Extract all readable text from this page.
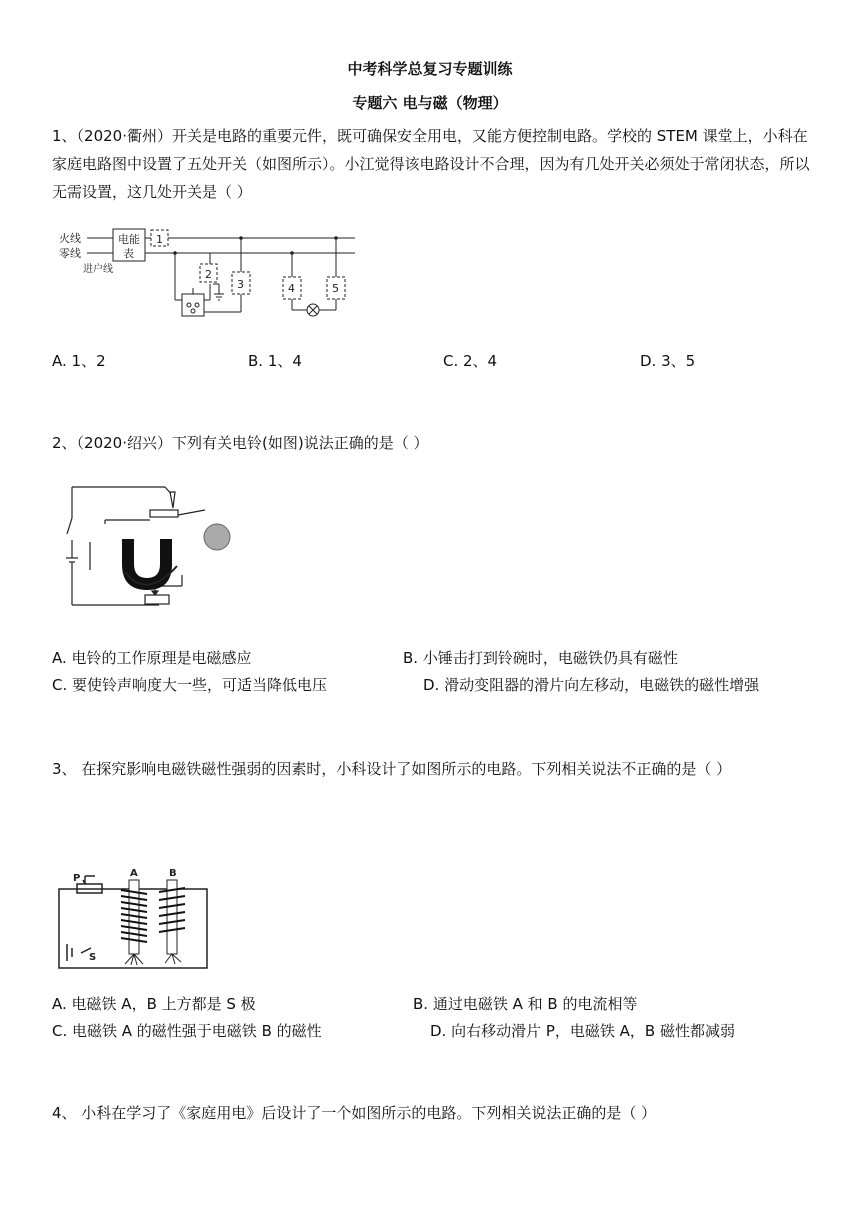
中考科学总复习专题训练
专题六 电与磁（物理）
1、（2020·衢州）开关是电路的重要元件，既可确保安全用电，又能方便控制电路。学校的 STEM 课堂上，小科在家庭电路图中设置了五处开关（如图所示）。小江觉得该电路设计不合理，因为有几处开关必须处于常闭状态，所以无需设置，这几处开关是（ ）
火线
零线
进户线
电能
表
1
2
3	4	5
A. 1、2	B. 1、4	C. 2、4	D. 3、5
2、（2020·绍兴）下列有关电铃(如图)说法正确的是（ ）
A. 电铃的工作原理是电磁感应	B. 小锤击打到铃碗时，电磁铁仍具有磁性
C. 要使铃声响度大一些，可适当降低电压	D. 滑动变阻器的滑片向左移动，电磁铁的磁性增强
3、 在探究影响电磁铁磁性强弱的因素时，小科设计了如图所示的电路。下列相关说法不正确的是（ ）
P	A	B
S
A. 电磁铁 A，B 上方都是 S 极	B. 通过电磁铁 A 和 B 的电流相等
C. 电磁铁 A 的磁性强于电磁铁 B 的磁性	D. 向右移动滑片 P，电磁铁 A，B 磁性都减弱
4、 小科在学习了《家庭用电》后设计了一个如图所示的电路。下列相关说法正确的是（ ）
